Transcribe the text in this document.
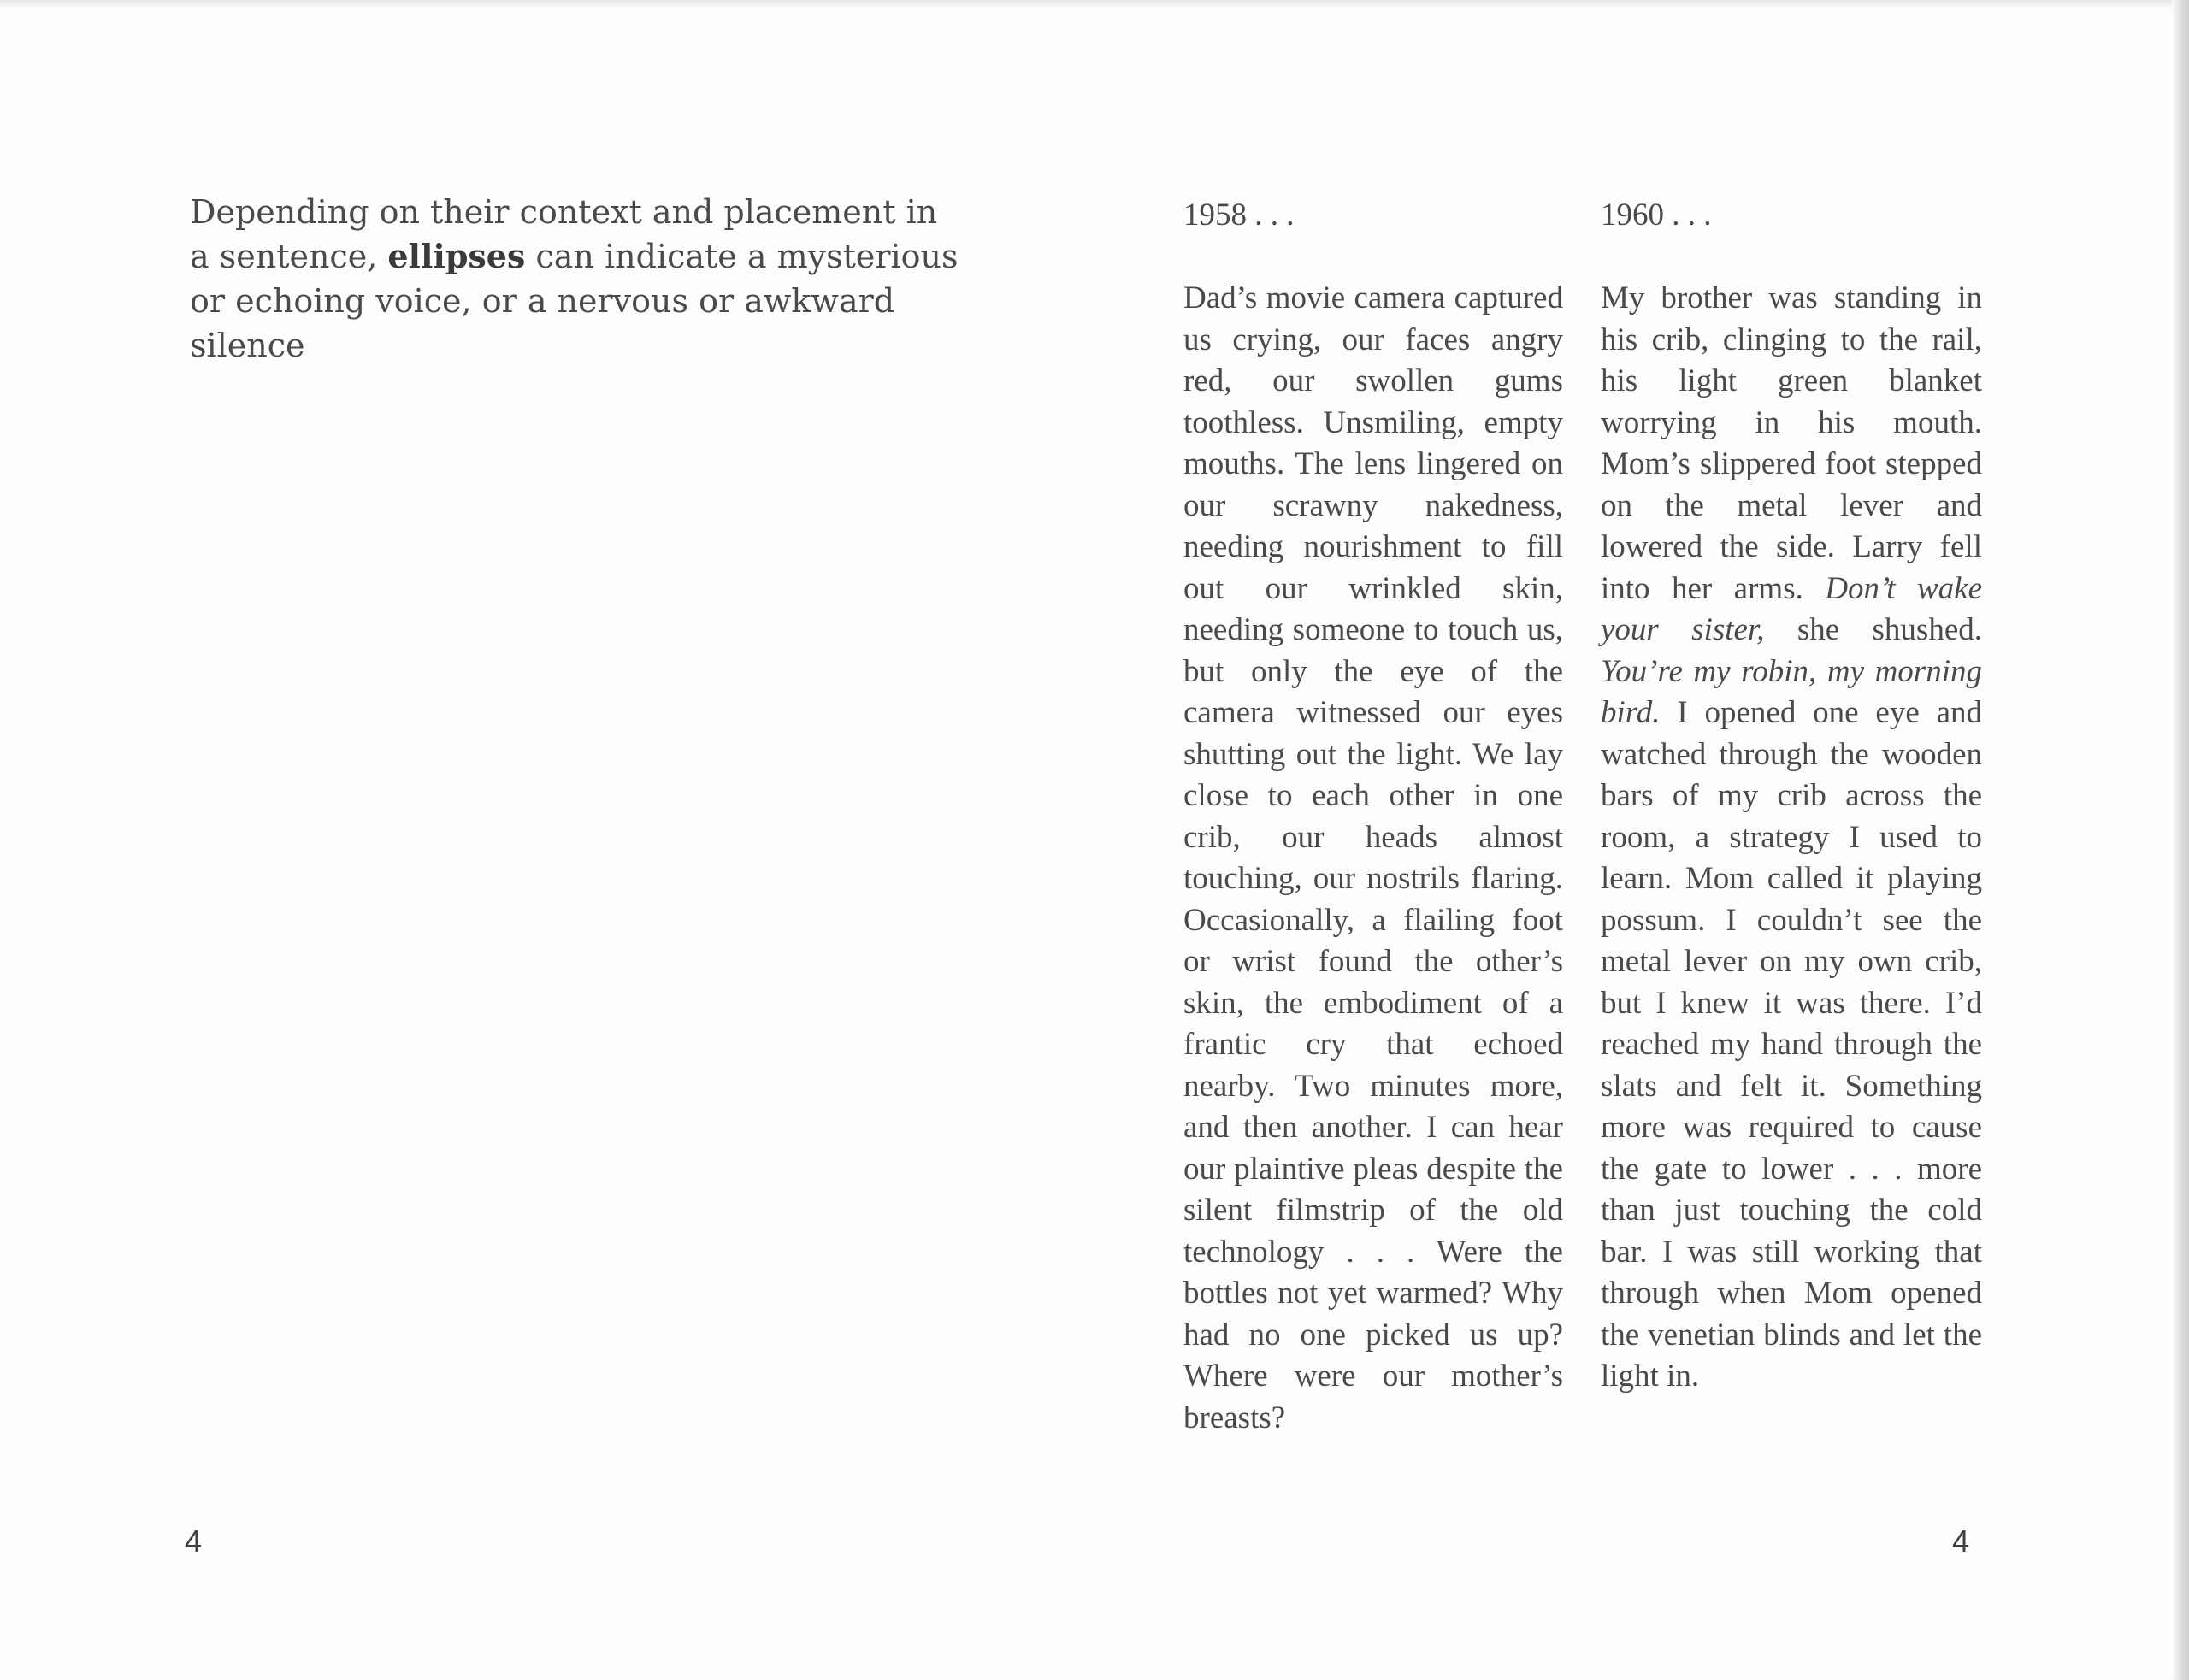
Depending on their context and placement in a sentence, ellipses can indicate a mysterious or echoing voice, or a nervous or awkward silence
4
1958 . . .
Dad’s movie camera captured us crying, our faces angry red, our swollen gums toothless. Unsmiling, empty mouths. The lens lingered on our scrawny nakedness, needing nourishment to fill out our wrinkled skin, needing someone to touch us, but only the eye of the camera witnessed our eyes shutting out the light. We lay close to each other in one crib, our heads almost touching, our nostrils flaring. Occasionally, a flailing foot or wrist found the other’s skin, the embodiment of a frantic cry that echoed nearby. Two minutes more, and then another. I can hear our plaintive pleas despite the silent filmstrip of the old technology . . . Were the bottles not yet warmed? Why had no one picked us up? Where were our mother’s breasts?
1960 . . .
My brother was standing in his crib, clinging to the rail, his light green blanket worrying in his mouth. Mom’s slippered foot stepped on the metal lever and lowered the side. Larry fell into her arms. Don’t wake your sister, she shushed. You’re my robin, my morning bird. I opened one eye and watched through the wooden bars of my crib across the room, a strategy I used to learn. Mom called it playing possum. I couldn’t see the metal lever on my own crib, but I knew it was there. I’d reached my hand through the slats and felt it. Something more was required to cause the gate to lower . . . more than just touching the cold bar. I was still working that through when Mom opened the venetian blinds and let the light in.
4
